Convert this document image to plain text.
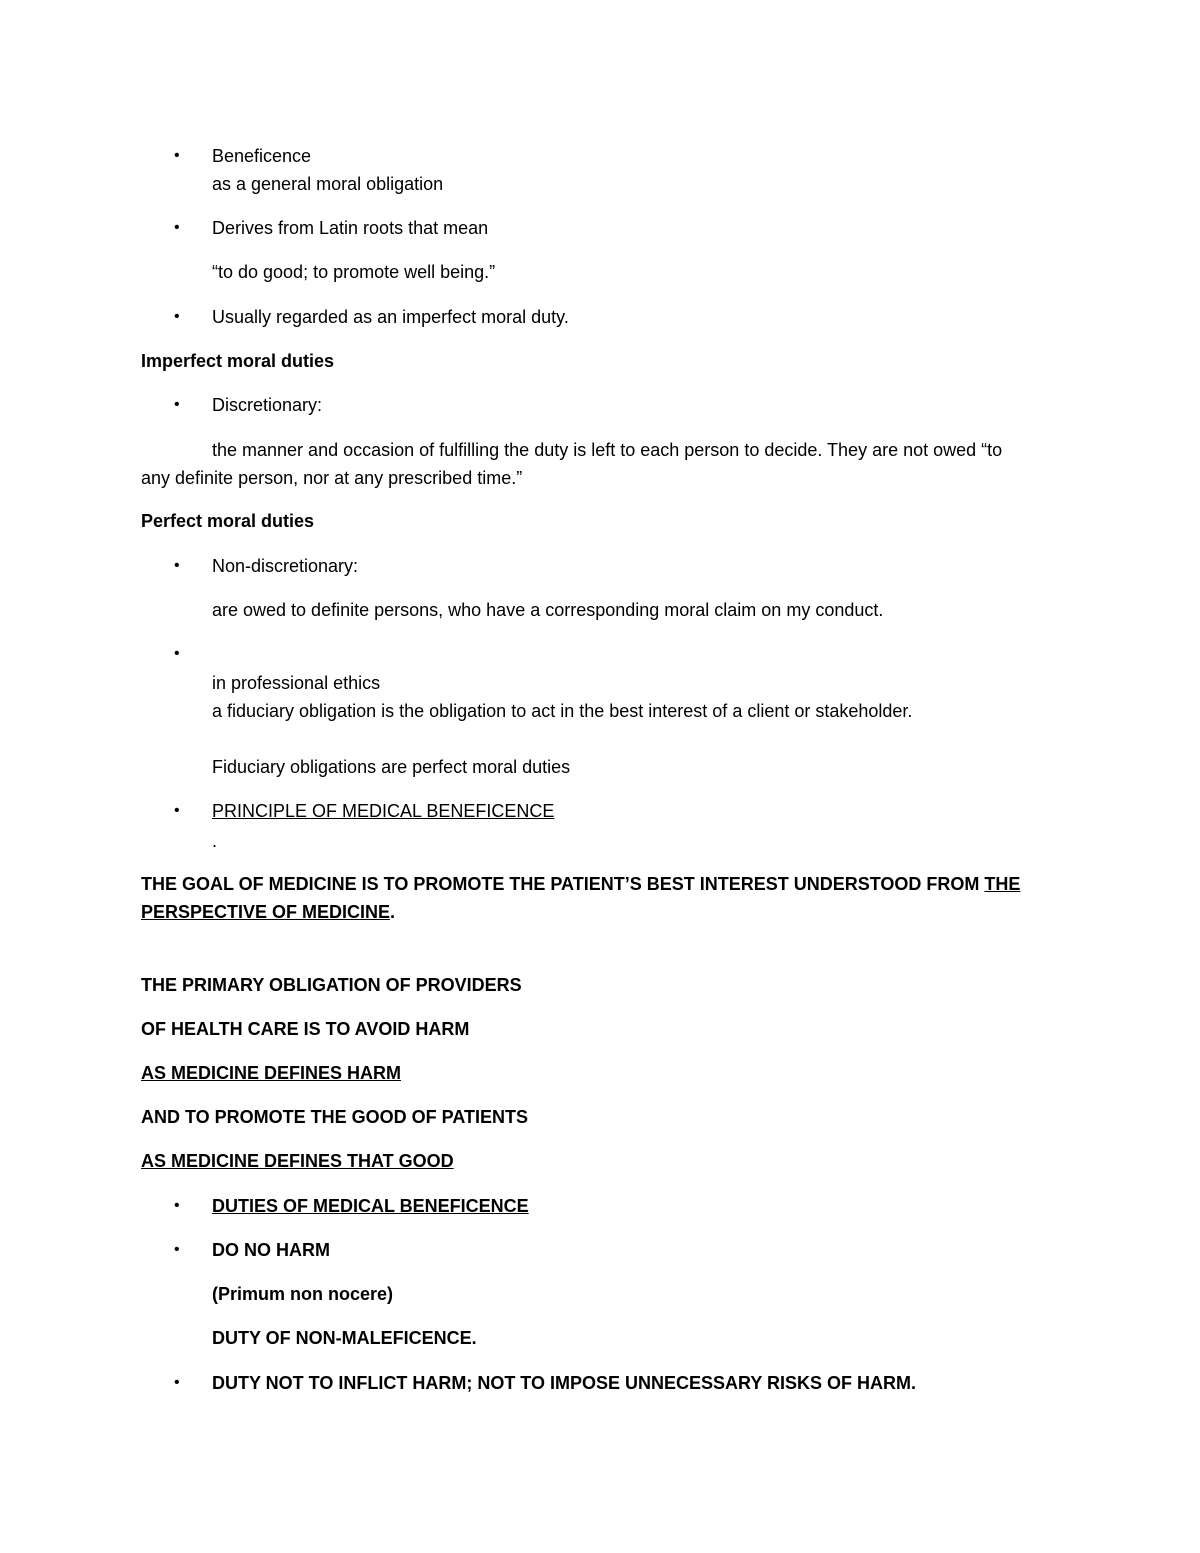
•	Beneficence
as a general moral obligation
•	Derives from Latin roots that mean
“to do good; to promote well being.”
•	Usually regarded as an imperfect moral duty.
Imperfect moral duties
•	Discretionary:
the manner and occasion of fulfilling the duty is left to each person to decide. They are not owed “to any definite person, nor at any prescribed time.”
Perfect moral duties
•	Non-discretionary:
are owed to definite persons, who have a corresponding moral claim on my conduct.
•
in professional ethics
a fiduciary obligation is the obligation to act in the best interest of a client or stakeholder.
Fiduciary obligations are perfect moral duties
•	PRINCIPLE OF MEDICAL BENEFICENCE
.
THE GOAL OF MEDICINE IS TO PROMOTE THE PATIENT’S BEST INTEREST UNDERSTOOD FROM THE
PERSPECTIVE OF MEDICINE.
THE PRIMARY OBLIGATION OF PROVIDERS
OF HEALTH CARE IS TO AVOID HARM
AS MEDICINE DEFINES HARM
AND TO PROMOTE THE GOOD OF PATIENTS
AS MEDICINE DEFINES THAT GOOD
•	DUTIES OF MEDICAL BENEFICENCE
•	DO NO HARM
(Primum non nocere)
DUTY OF NON-MALEFICENCE.
•	DUTY NOT TO INFLICT HARM; NOT TO IMPOSE UNNECESSARY RISKS OF HARM.
